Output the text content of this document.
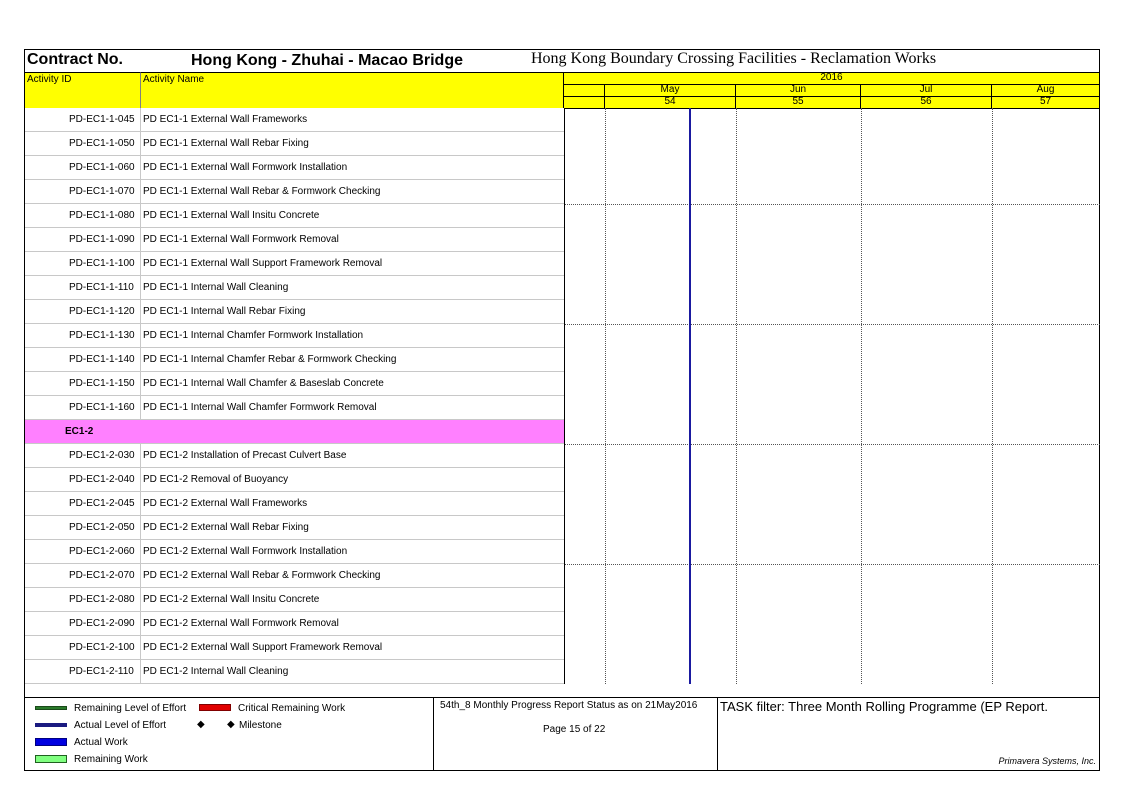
Contract No.	Hong Kong - Zhuhai - Macao Bridge	Hong Kong Boundary Crossing Facilities - Reclamation Works
Activity ID	Activity Name	2016
May	Jun	Jul	Aug
54	55	56	57
PD-EC1-1-045 PD EC1-1 External Wall Frameworks
PD-EC1-1-050 PD EC1-1 External Wall Rebar Fixing
PD-EC1-1-060 PD EC1-1 External Wall Formwork Installation
PD-EC1-1-070 PD EC1-1 External Wall Rebar & Formwork Checking
PD-EC1-1-080 PD EC1-1 External Wall Insitu Concrete
PD-EC1-1-090 PD EC1-1 External Wall Formwork Removal
PD-EC1-1-100 PD EC1-1 External Wall Support Framework Removal
PD-EC1-1-110 PD EC1-1 Internal Wall Cleaning
PD-EC1-1-120 PD EC1-1 Internal Wall Rebar Fixing
PD-EC1-1-130 PD EC1-1 Internal Chamfer Formwork Installation
PD-EC1-1-140 PD EC1-1 Internal Chamfer Rebar & Formwork Checking
PD-EC1-1-150 PD EC1-1 Internal Wall Chamfer & Baseslab Concrete
PD-EC1-1-160 PD EC1-1 Internal Wall Chamfer Formwork Removal
EC1-2
PD-EC1-2-030 PD EC1-2 Installation of Precast Culvert Base
PD-EC1-2-040 PD EC1-2 Removal of Buoyancy
PD-EC1-2-045 PD EC1-2 External Wall Frameworks
PD-EC1-2-050 PD EC1-2 External Wall Rebar Fixing
PD-EC1-2-060 PD EC1-2 External Wall Formwork Installation
PD-EC1-2-070 PD EC1-2 External Wall Rebar & Formwork Checking
PD-EC1-2-080 PD EC1-2 External Wall Insitu Concrete
PD-EC1-2-090 PD EC1-2 External Wall Formwork Removal
PD-EC1-2-100 PD EC1-2 External Wall Support Framework Removal
PD-EC1-2-110 PD EC1-2 Internal Wall Cleaning
Remaining Level of Effort	Critical Remaining Work
Actual Level of Effort	◆ ◆ Milestone
Actual Work
Remaining Work
54th_8 Monthly Progress Report Status as on 21May2016
Page 15 of 22
TASK filter: Three Month Rolling Programme (EP Report.
Primavera Systems, Inc.
